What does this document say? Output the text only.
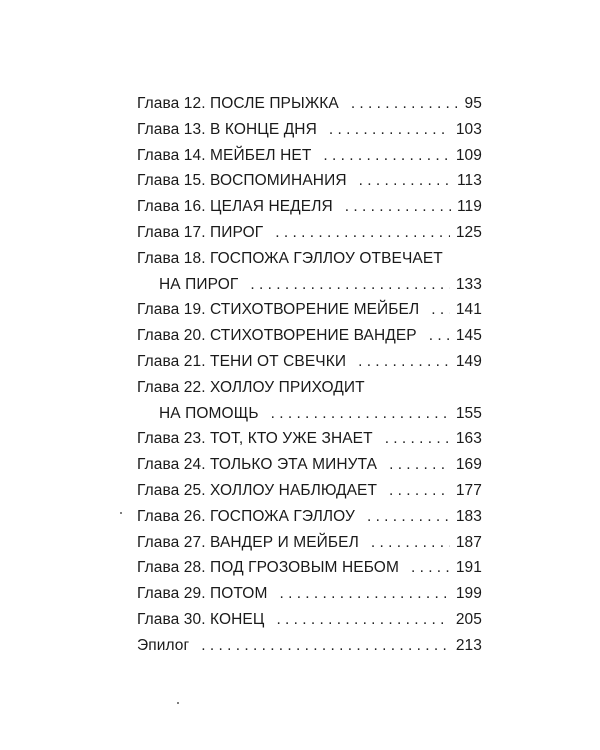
Глава 12. ПОСЛЕ ПРЫЖКА . . .	95
Глава 13. В КОНЦЕ ДНЯ . . .	103
Глава 14. МЕЙБЕЛ НЕТ . . .	109
Глава 15. ВОСПОМИНАНИЯ . . .	113
Глава 16. ЦЕЛАЯ НЕДЕЛЯ . . .	119
Глава 17. ПИРОГ . . .	125
Глава 18. ГОСПОЖА ГЭЛЛОУ ОТВЕЧАЕТ
НА ПИРОГ . . .	133
Глава 19. СТИХОТВОРЕНИЕ МЕЙБЕЛ . . . 141
Глава 20. СТИХОТВОРЕНИЕ ВАНДЕР . . .	145
Глава 21. ТЕНИ ОТ СВЕЧКИ . . .	149
Глава 22. ХОЛЛОУ ПРИХОДИТ
НА ПОМОЩЬ . . .	155
Глава 23. ТОТ, КТО УЖЕ ЗНАЕТ . . .	163
Глава 24. ТОЛЬКО ЭТА МИНУТА . . .	169
Глава 25. ХОЛЛОУ НАБЛЮДАЕТ . . .	177
Глава 26. ГОСПОЖА ГЭЛЛОУ . . .	183
Глава 27. ВАНДЕР И МЕЙБЕЛ . . .	187
Глава 28. ПОД ГРОЗОВЫМ НЕБОМ . . .	191
Глава 29. ПОТОМ . . .	199
Глава 30. КОНЕЦ . . .	205
Эпилог . . .	213
